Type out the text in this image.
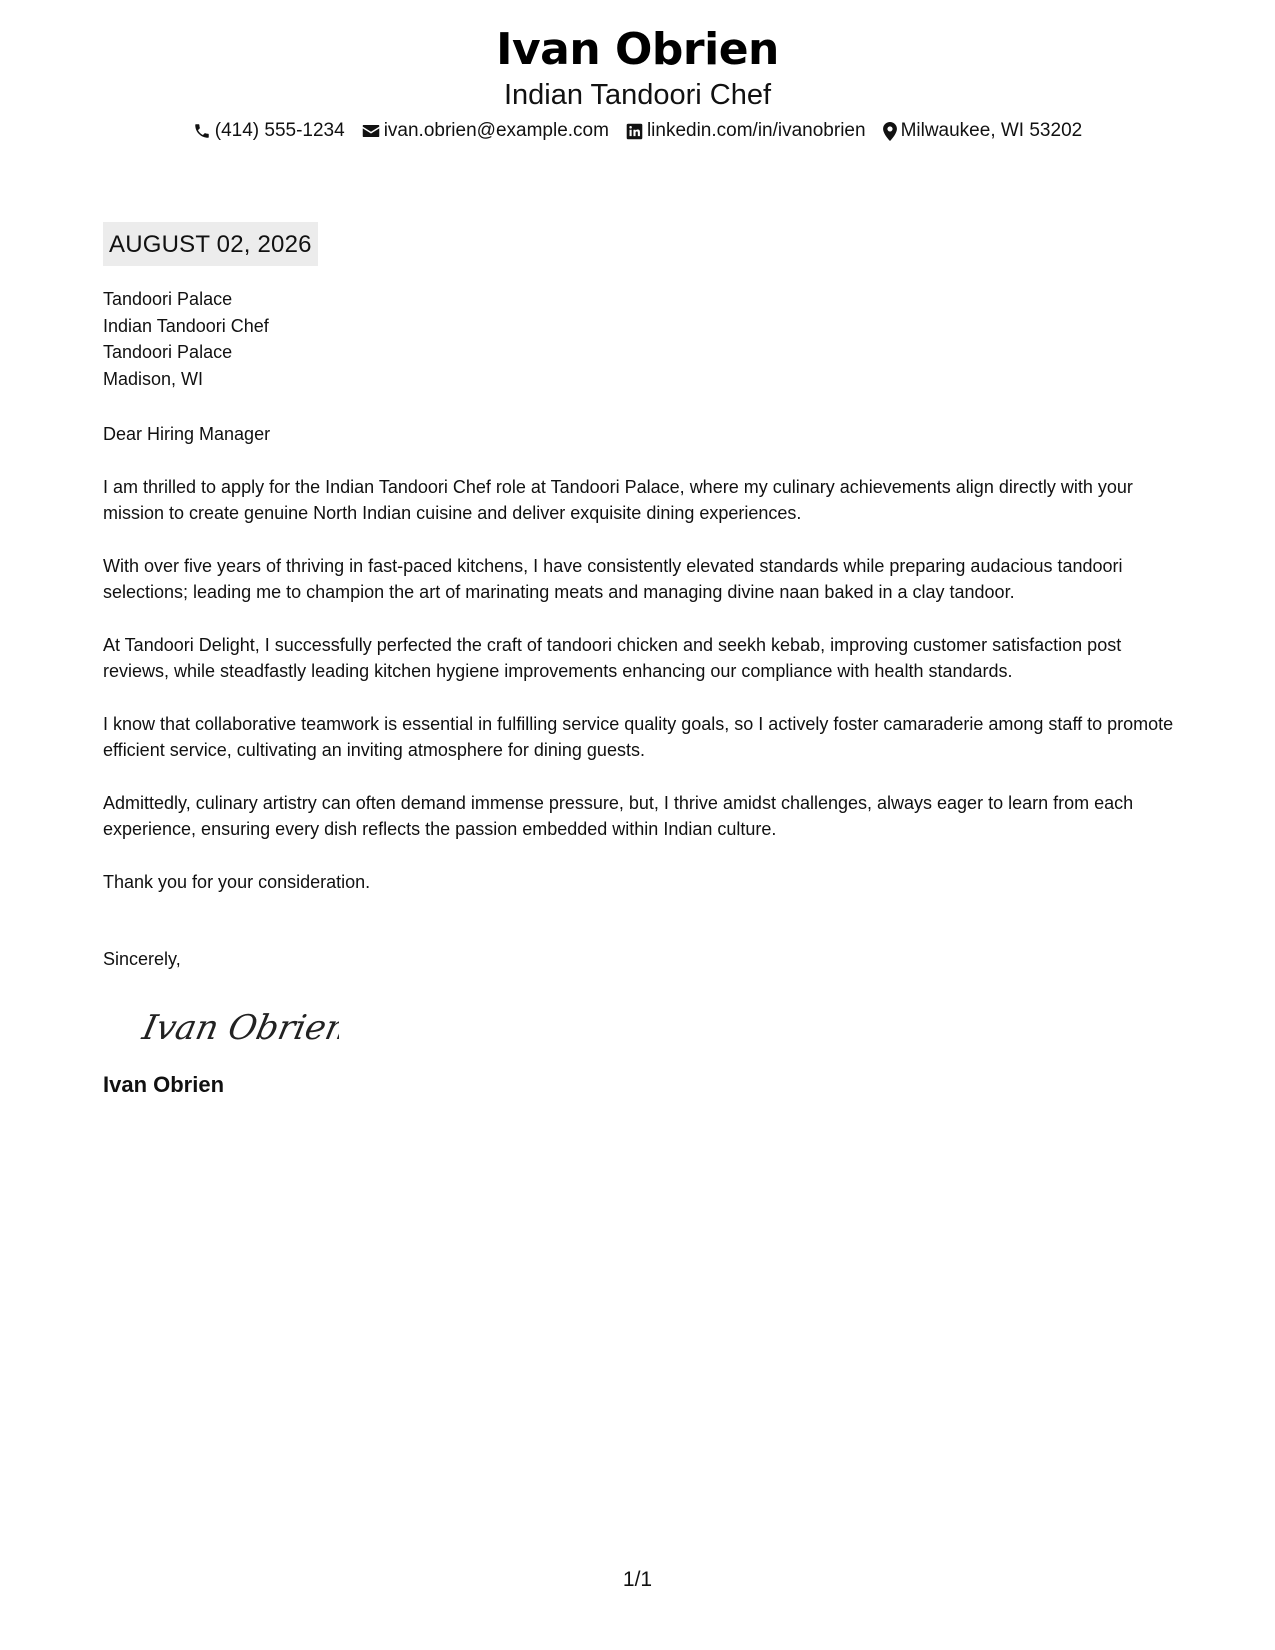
Ivan Obrien
Indian Tandoori Chef
(414) 555-1234 ivan.obrien@example.com linkedin.com/in/ivanobrien Milwaukee, WI 53202
AUGUST 02, 2026
Tandoori Palace
Indian Tandoori Chef
Tandoori Palace
Madison, WI
Dear Hiring Manager
I am thrilled to apply for the Indian Tandoori Chef role at Tandoori Palace, where my culinary achievements align directly with your mission to create genuine North Indian cuisine and deliver exquisite dining experiences.
With over five years of thriving in fast-paced kitchens, I have consistently elevated standards while preparing audacious tandoori selections; leading me to champion the art of marinating meats and managing divine naan baked in a clay tandoor.
At Tandoori Delight, I successfully perfected the craft of tandoori chicken and seekh kebab, improving customer satisfaction post reviews, while steadfastly leading kitchen hygiene improvements enhancing our compliance with health standards.
I know that collaborative teamwork is essential in fulfilling service quality goals, so I actively foster camaraderie among staff to promote efficient service, cultivating an inviting atmosphere for dining guests.
Admittedly, culinary artistry can often demand immense pressure, but, I thrive amidst challenges, always eager to learn from each experience, ensuring every dish reflects the passion embedded within Indian culture.
Thank you for your consideration.
Sincerely,
Ivan Obrien
Ivan Obrien
1/1
